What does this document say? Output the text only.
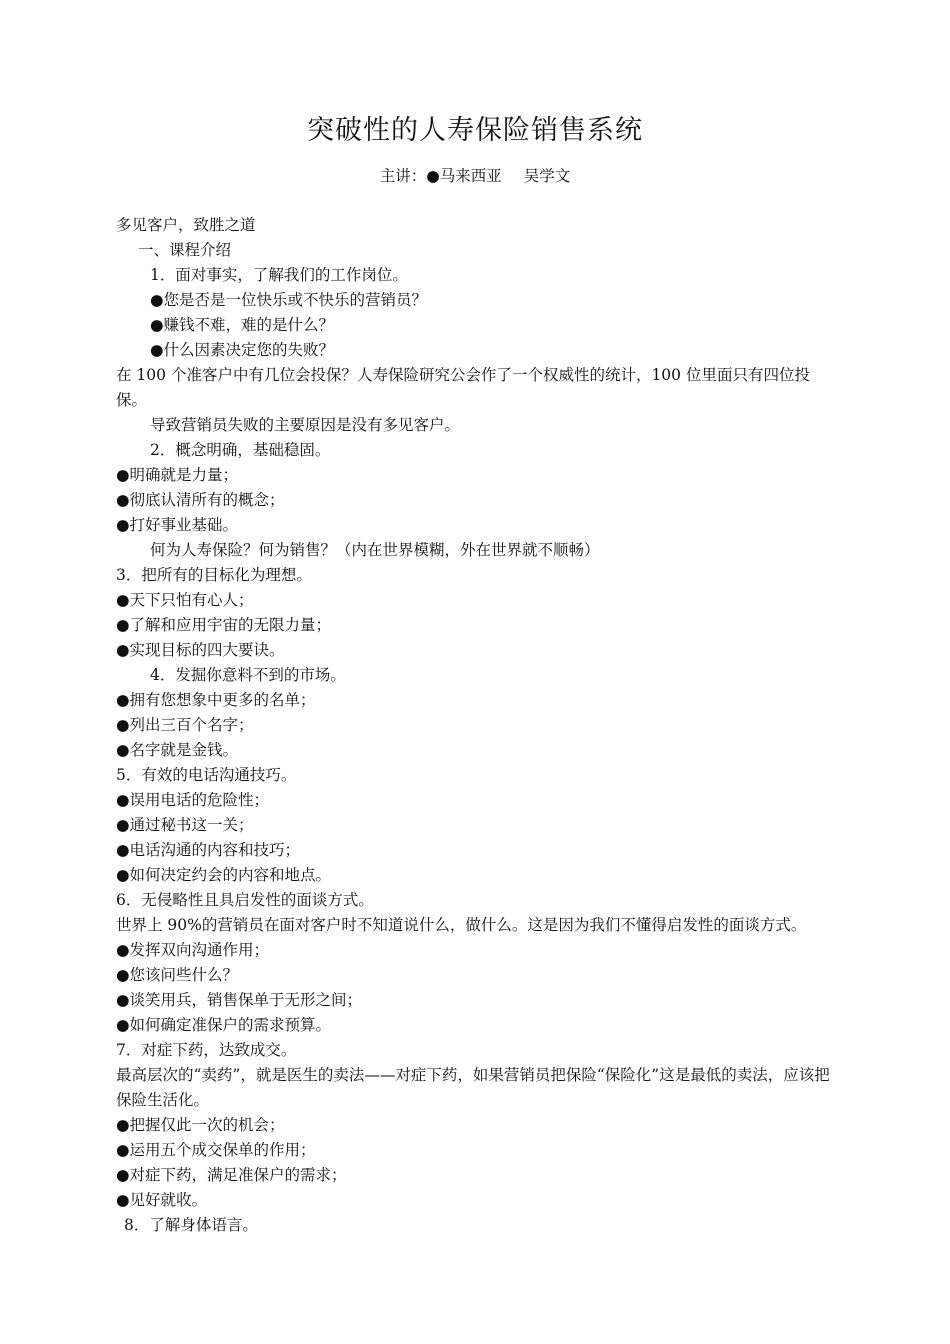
突破性的人寿保险销售系统
主讲：●马来西亚 吴学文
多见客户，致胜之道
一、课程介绍
1．面对事实，了解我们的工作岗位。
●您是否是一位快乐或不快乐的营销员？
●赚钱不难，难的是什么？
●什么因素决定您的失败？
在 100 个准客户中有几位会投保？人寿保险研究公会作了一个权威性的统计，100 位里面只有四位投保。
导致营销员失败的主要原因是没有多见客户。
2．概念明确，基础稳固。
●明确就是力量；
●彻底认清所有的概念；
●打好事业基础。
何为人寿保险？何为销售？（内在世界模糊，外在世界就不顺畅）
3．把所有的目标化为理想。
●天下只怕有心人；
●了解和应用宇宙的无限力量；
●实现目标的四大要诀。
4．发掘你意料不到的市场。
●拥有您想象中更多的名单；
●列出三百个名字；
●名字就是金钱。
5．有效的电话沟通技巧。
●误用电话的危险性；
●通过秘书这一关；
●电话沟通的内容和技巧；
●如何决定约会的内容和地点。
6．无侵略性且具启发性的面谈方式。
世界上 90%的营销员在面对客户时不知道说什么，做什么。这是因为我们不懂得启发性的面谈方式。
●发挥双向沟通作用；
●您该问些什么？
●谈笑用兵，销售保单于无形之间；
●如何确定准保户的需求预算。
7．对症下药，达致成交。
最高层次的“卖药”，就是医生的卖法——对症下药，如果营销员把保险“保险化”这是最低的卖法，应该把保险生活化。
●把握仅此一次的机会；
●运用五个成交保单的作用；
●对症下药，满足准保户的需求；
●见好就收。
8．了解身体语言。
